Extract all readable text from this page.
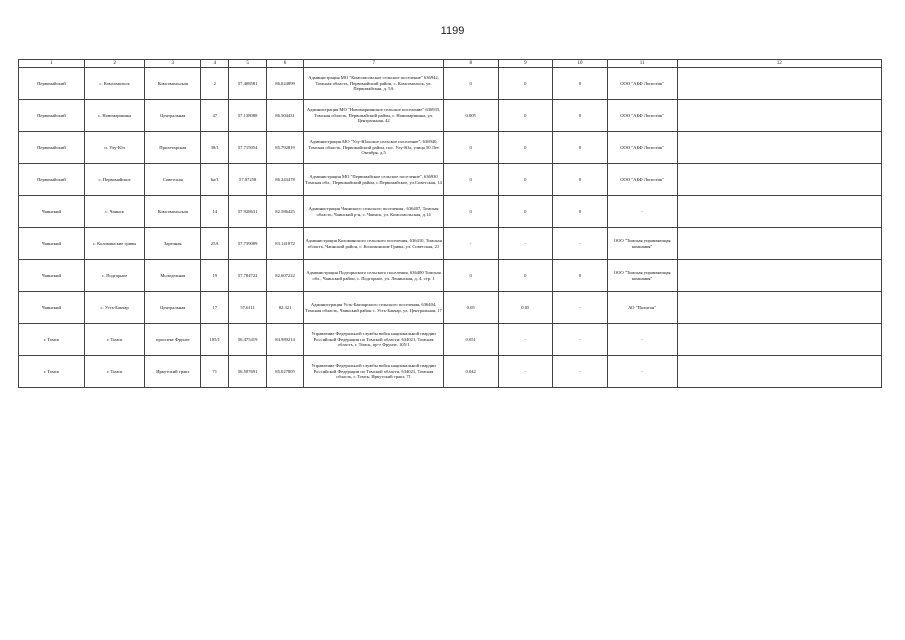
1199
1	2	3	4	5	6	7	8	9	10	11	12
Первомайский	с. Комсомольск	Комсомольская	2	57.408581	86.024899	Администрация МО "Комсомольское сельское поселение" 636942, Томская область, Первомайский район, с. Комсомольск, ул. Первомайская, д. 5А	0	0	0	ООО "АБФ Логистик"	
Первомайский	с. Новомариинка	Центральная	47	57.138088	86.504431	Администрация МО "Новомариинское сельское поселение" 636935, Томская область, Первомайский район, с. Новомариинка, ул. Центральная, 42	0.005	0	0	ООО "АБФ Логистик"	
Первомайский	п. Улу-Юл	Пролетарская	38/1	57.715054	85.792819	Администрация МО "Улу-Юльское сельское поселение", 636940, Томская область, Первомайский район, пос. Улу-Юл, улица 50 Лет Октября, д.5	0	0	0	ООО "АБФ Логистик"	
Первомайский	с. Первомайское	Советская	6а/1	57.07258	86.243478	Администрация МО "Первомайское сельское поселение", 636930 Томская обл., Первомайский район, с.Первомайское, ул.Советская, 14	0	0	0	ООО "АБФ Логистик"	
Чаинский	с. Чаинск	Комсомольская	14	57.928631	82.586425	Администрация Чаинского сельского поселения , 636407, Томская область, Чаинский р-н, с. Чаинск, ул. Комсомольская, д.14	0	0	0	-	
Чаинский	с. Коломинские гривы	Заречная	25А	57.739089	83.141872	Администрация Коломинского сельского поселения, 636410, Томская область, Чаинский район, с. Коломинские Гривы, ул. Советская, 21	-	-	-	ООО "Томская управляющая компания"	
Чаинский	с. Подгорное	Молодежная	19	57.784722	82.607222	Администрация Подгорнского сельского поселения, 636400 Томская обл., Чаинский район, с. Подгорное, ул. Ленинская, д. 4, стр. 1	0	0	0	ООО "Томская управляющая компания"	
Чаинский	с. Усть-Бакчар	Центральная	17	57.6111	82.321	Администрация Усть-Бакчарского сельского поселения, 636404, Томская область, Чаинский район с. Усть-Бакчар, ул. Центральная, 17	0.05	0.05	-	АО "Полигон"	
г. Томск	г. Томск	проспект Фрунзе	105/1	56.475419	84.989214	Управление Федеральной службы войск национальной гвардии Российской Федерации по Томской области: 634021, Томская область, г. Томск, пр-т Фрунзе, 105/1	0.051	-	-	-	
г. Томск	г. Томск	Иркутский тракт	71	56.507691	85.027805	Управление Федеральной службы войск национальной гвардии Российской Федерации по Томской области, 634021, Томская область, г. Томск, Иркутский тракт, 71	0.042	-	-	-	
